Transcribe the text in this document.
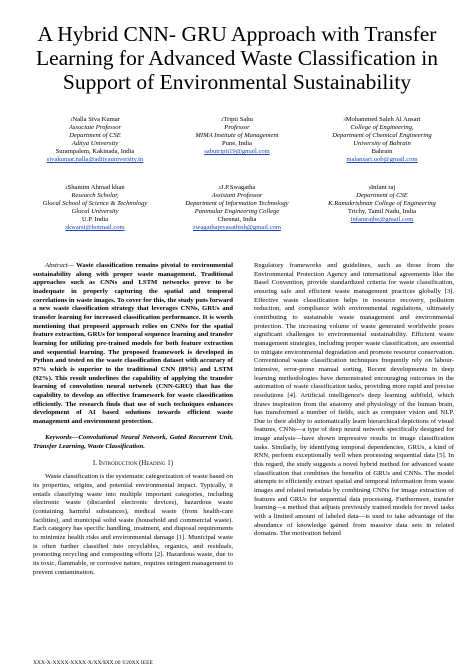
A Hybrid CNN- GRU Approach with Transfer Learning for Advanced Waste Classification in Support of Environmental Sustainability
$^1$Nalla Siva Kumar
Associate Professor
Department of CSE
Aditya University
Surampalem, Kakinada, India
sivakumar.nalla@adityauniversity.in
$^2$Tripti Sahu
Professor
MIMA Institute of Management
Pune, India
sabutripti19@gmail.com
$^3$Mohammed Saleh Al Ansari
College of Engineering,
Department of Chemical Engineering
University of Bahrain
Bahrain
malansari.uob@gmail.com
$^4$Shamim Ahmad khan
Research Scholar,
Glocal School of Science & Technology
Glocal University
U.P. India
skwarsi@hotmail.com
$^5$J.P.Swagatha
Assistant Professor
Department of Information Technology
Panimalar Engineering College
Chennai, India
swagathajeyasathish@gmail.com
$^6$Infant raj
Department of CSE
K.Ramakrishnan College of Engineering
Trichy, Tamil Nadu, India
infantrajbe@gmail.com
Abstract— Waste classification remains pivotal to environmental sustainability along with proper waste management. Traditional approaches such as CNNs and LSTM networks prove to be inadequate in properly capturing the spatial and temporal correlations in waste images. To cover for this, the study puts forward a new waste classification strategy that leverages CNNs, GRUs and transfer learning for increased classification performance. It is worth mentioning that proposed approach relies on CNNs for the spatial feature extraction, GRUs for temporal sequence learning and transfer learning for utilizing pre-trained models for both feature extraction and sequential learning. The proposed framework is developed in Python and tested on the waste classification dataset with accuracy of 97% which is superior to the traditional CNN (89%) and LSTM (92%). This result underlines the capability of applying the transfer learning of convolution neural network (CNN-GRU) that has the capability to develop an effective framework for waste classification efficiently. The research finds that use of such techniques enhances development of AI based solutions towards efficient waste management and environment protection.
Keywords—Convolutional Neural Network, Gated Recurrent Unit, Transfer Learning, Waste Classification.
I. Introduction (Heading 1)
Waste classification is the systematic categorization of waste based on its properties, origins, and potential environmental impact. Typically, it entails classifying waste into multiple important categories, including electronic waste (discarded electronic devices), hazardous waste (containing harmful substances), medical waste (from health-care facilities), and municipal solid waste (household and commercial waste). Each category has specific handling, treatment, and disposal requirements to minimize health risks and environmental damage [1]. Municipal waste is often further classified into recyclables, organics, and residuals, promoting recycling and composting efforts [2]. Hazardous waste, due to its toxic, flammable, or corrosive nature, requires stringent management to prevent contamination.
Regulatory frameworks and guidelines, such as those from the Environmental Protection Agency and international agreements like the Basel Convention, provide standardized criteria for waste classification, ensuring safe and efficient waste management practices globally [3]. Effective waste classification helps in resource recovery, pollution reduction, and compliance with environmental regulations, ultimately contributing to sustainable waste management and environmental protection. The increasing volume of waste generated worldwide poses significant challenges to environmental sustainability. Efficient waste management strategies, including proper waste classification, are essential to mitigate environmental degradation and promote resource conservation. Conventional waste classification techniques frequently rely on labour-intensive, error-prone manual sorting. Recent developments in deep learning methodologies have demonstrated encouraging outcomes in the automation of waste classification tasks, providing more rapid and precise resolutions [4]. Artificial intelligence's deep learning subfield, which draws inspiration from the anatomy and physiology of the human brain, has transformed a number of fields, such as computer vision and NLP. Due to their ability to automatically learn hierarchical depictions of visual features, CNNs—a type of deep neural network specifically designed for image analysis—have shown impressive results in image classification tasks. Similarly, by identifying temporal dependencies, GRUs, a kind of RNN, perform exceptionally well when processing sequential data [5]. In this regard, the study suggests a novel hybrid method for advanced waste classification that combines the benefits of GRUs and CNNs. The model attempts to efficiently extract spatial and temporal information from waste images and related metadata by combining CNNs for image extraction of features and GRUs for sequential data processing. Furthermore, transfer learning—a method that adjusts previously trained models for novel tasks with a limited amount of labeled data—is used to take advantage of the abundance of knowledge gained from massive data sets in related domains. The motivation behind
XXX-X-XXXX-XXXX-X/XX/$XX.00 ©20XX IEEE
